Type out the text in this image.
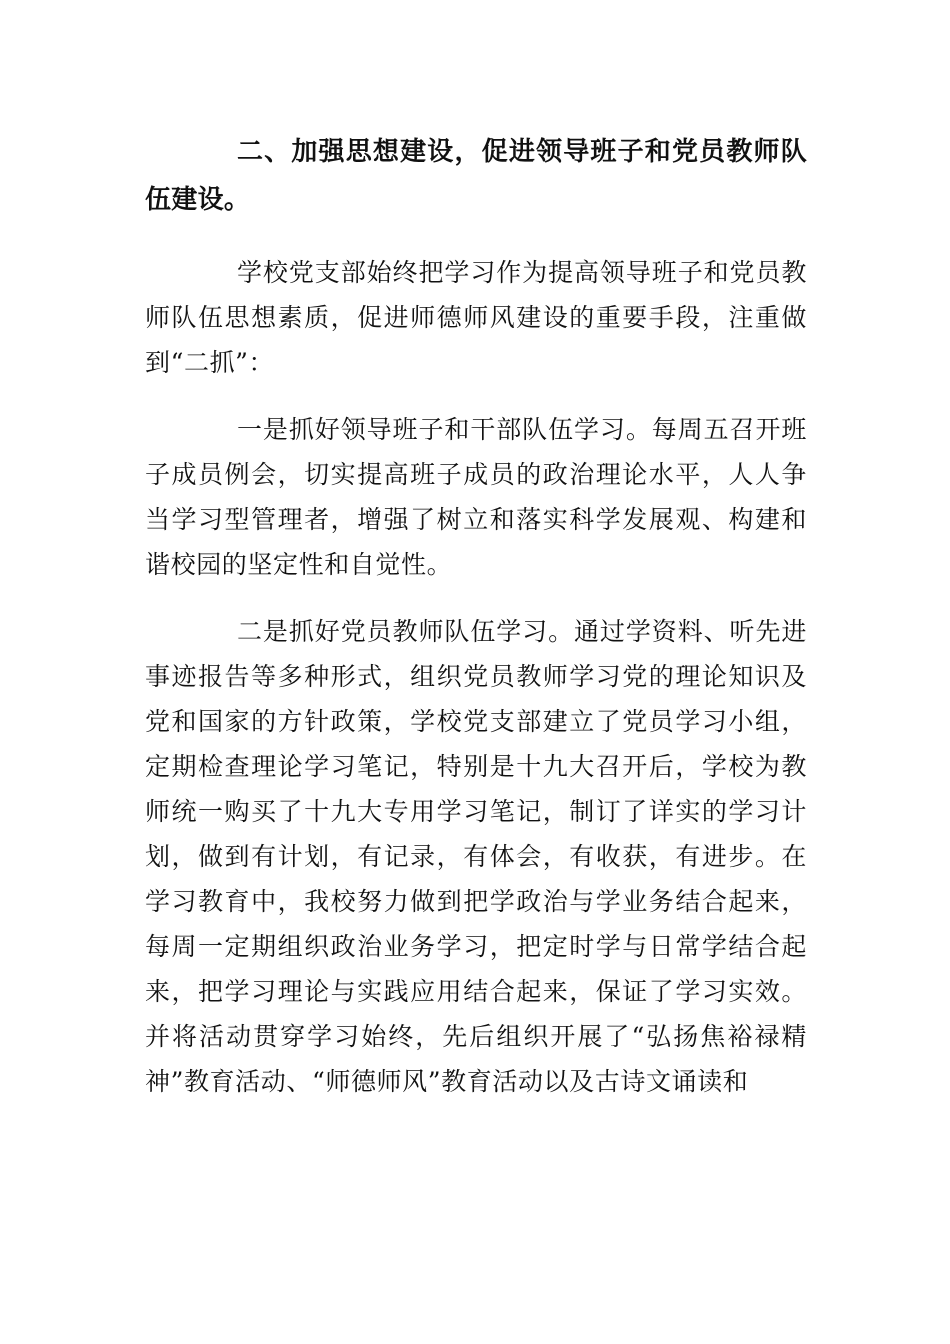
二、加强思想建设，促进领导班子和党员教师队伍建设。

学校党支部始终把学习作为提高领导班子和党员教师队伍思想素质，促进师德师风建设的重要手段，注重做到“二抓”：

一是抓好领导班子和干部队伍学习。每周五召开班子成员例会，切实提高班子成员的政治理论水平，人人争当学习型管理者，增强了树立和落实科学发展观、构建和谐校园的坚定性和自觉性。

二是抓好党员教师队伍学习。通过学资料、听先进事迹报告等多种形式，组织党员教师学习党的理论知识及党和国家的方针政策，学校党支部建立了党员学习小组，定期检查理论学习笔记，特别是十九大召开后，学校为教师统一购买了十九大专用学习笔记，制订了详实的学习计划，做到有计划，有记录，有体会，有收获，有进步。在学习教育中，我校努力做到把学政治与学业务结合起来，每周一定期组织政治业务学习，把定时学与日常学结合起来，把学习理论与实践应用结合起来，保证了学习实效。并将活动贯穿学习始终，先后组织开展了“弘扬焦裕禄精神”教育活动、“师德师风”教育活动以及古诗文诵读和
